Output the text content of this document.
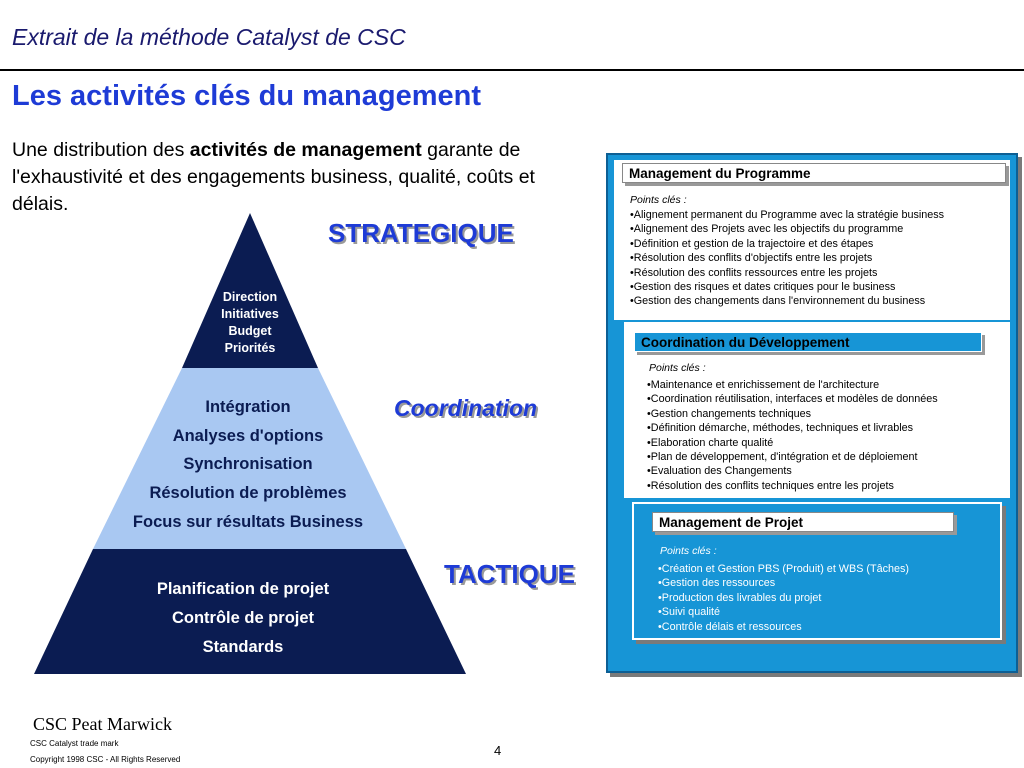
Extrait de la méthode Catalyst de CSC
Les activités clés du management
Une distribution des activités de management garante de l'exhaustivité et des engagements business, qualité, coûts et délais.
Direction
Initiatives
Budget
Priorités
Intégration
Analyses d'options
Synchronisation
Résolution de problèmes
Focus sur résultats Business
Planification de projet
Contrôle de projet
Standards
STRATEGIQUE
Coordination
TACTIQUE
Management du Programme
Points clés :
• Alignement permanent du Programme avec la stratégie business
• Alignement des Projets avec les objectifs du programme
• Définition et gestion de la trajectoire et des étapes
• Résolution des conflits d'objectifs entre les projets
• Résolution des conflits ressources entre les projets
• Gestion des risques et dates critiques pour le business
• Gestion des changements dans l'environnement du business
Coordination du Développement
Points clés :
• Maintenance et enrichissement de l'architecture
• Coordination réutilisation, interfaces et modèles de données
• Gestion changements techniques
• Définition démarche, méthodes, techniques et livrables
• Elaboration charte qualité
• Plan de développement, d'intégration et de déploiement
• Evaluation des Changements
• Résolution des conflits techniques entre les projets
Management de Projet
Points clés :
• Création et Gestion PBS (Produit) et WBS (Tâches)
• Gestion des ressources
• Production des livrables du projet
• Suivi qualité
• Contrôle délais et ressources
CSC Peat Marwick
CSC Catalyst trade mark
Copyright 1998 CSC - All Rights Reserved
4
